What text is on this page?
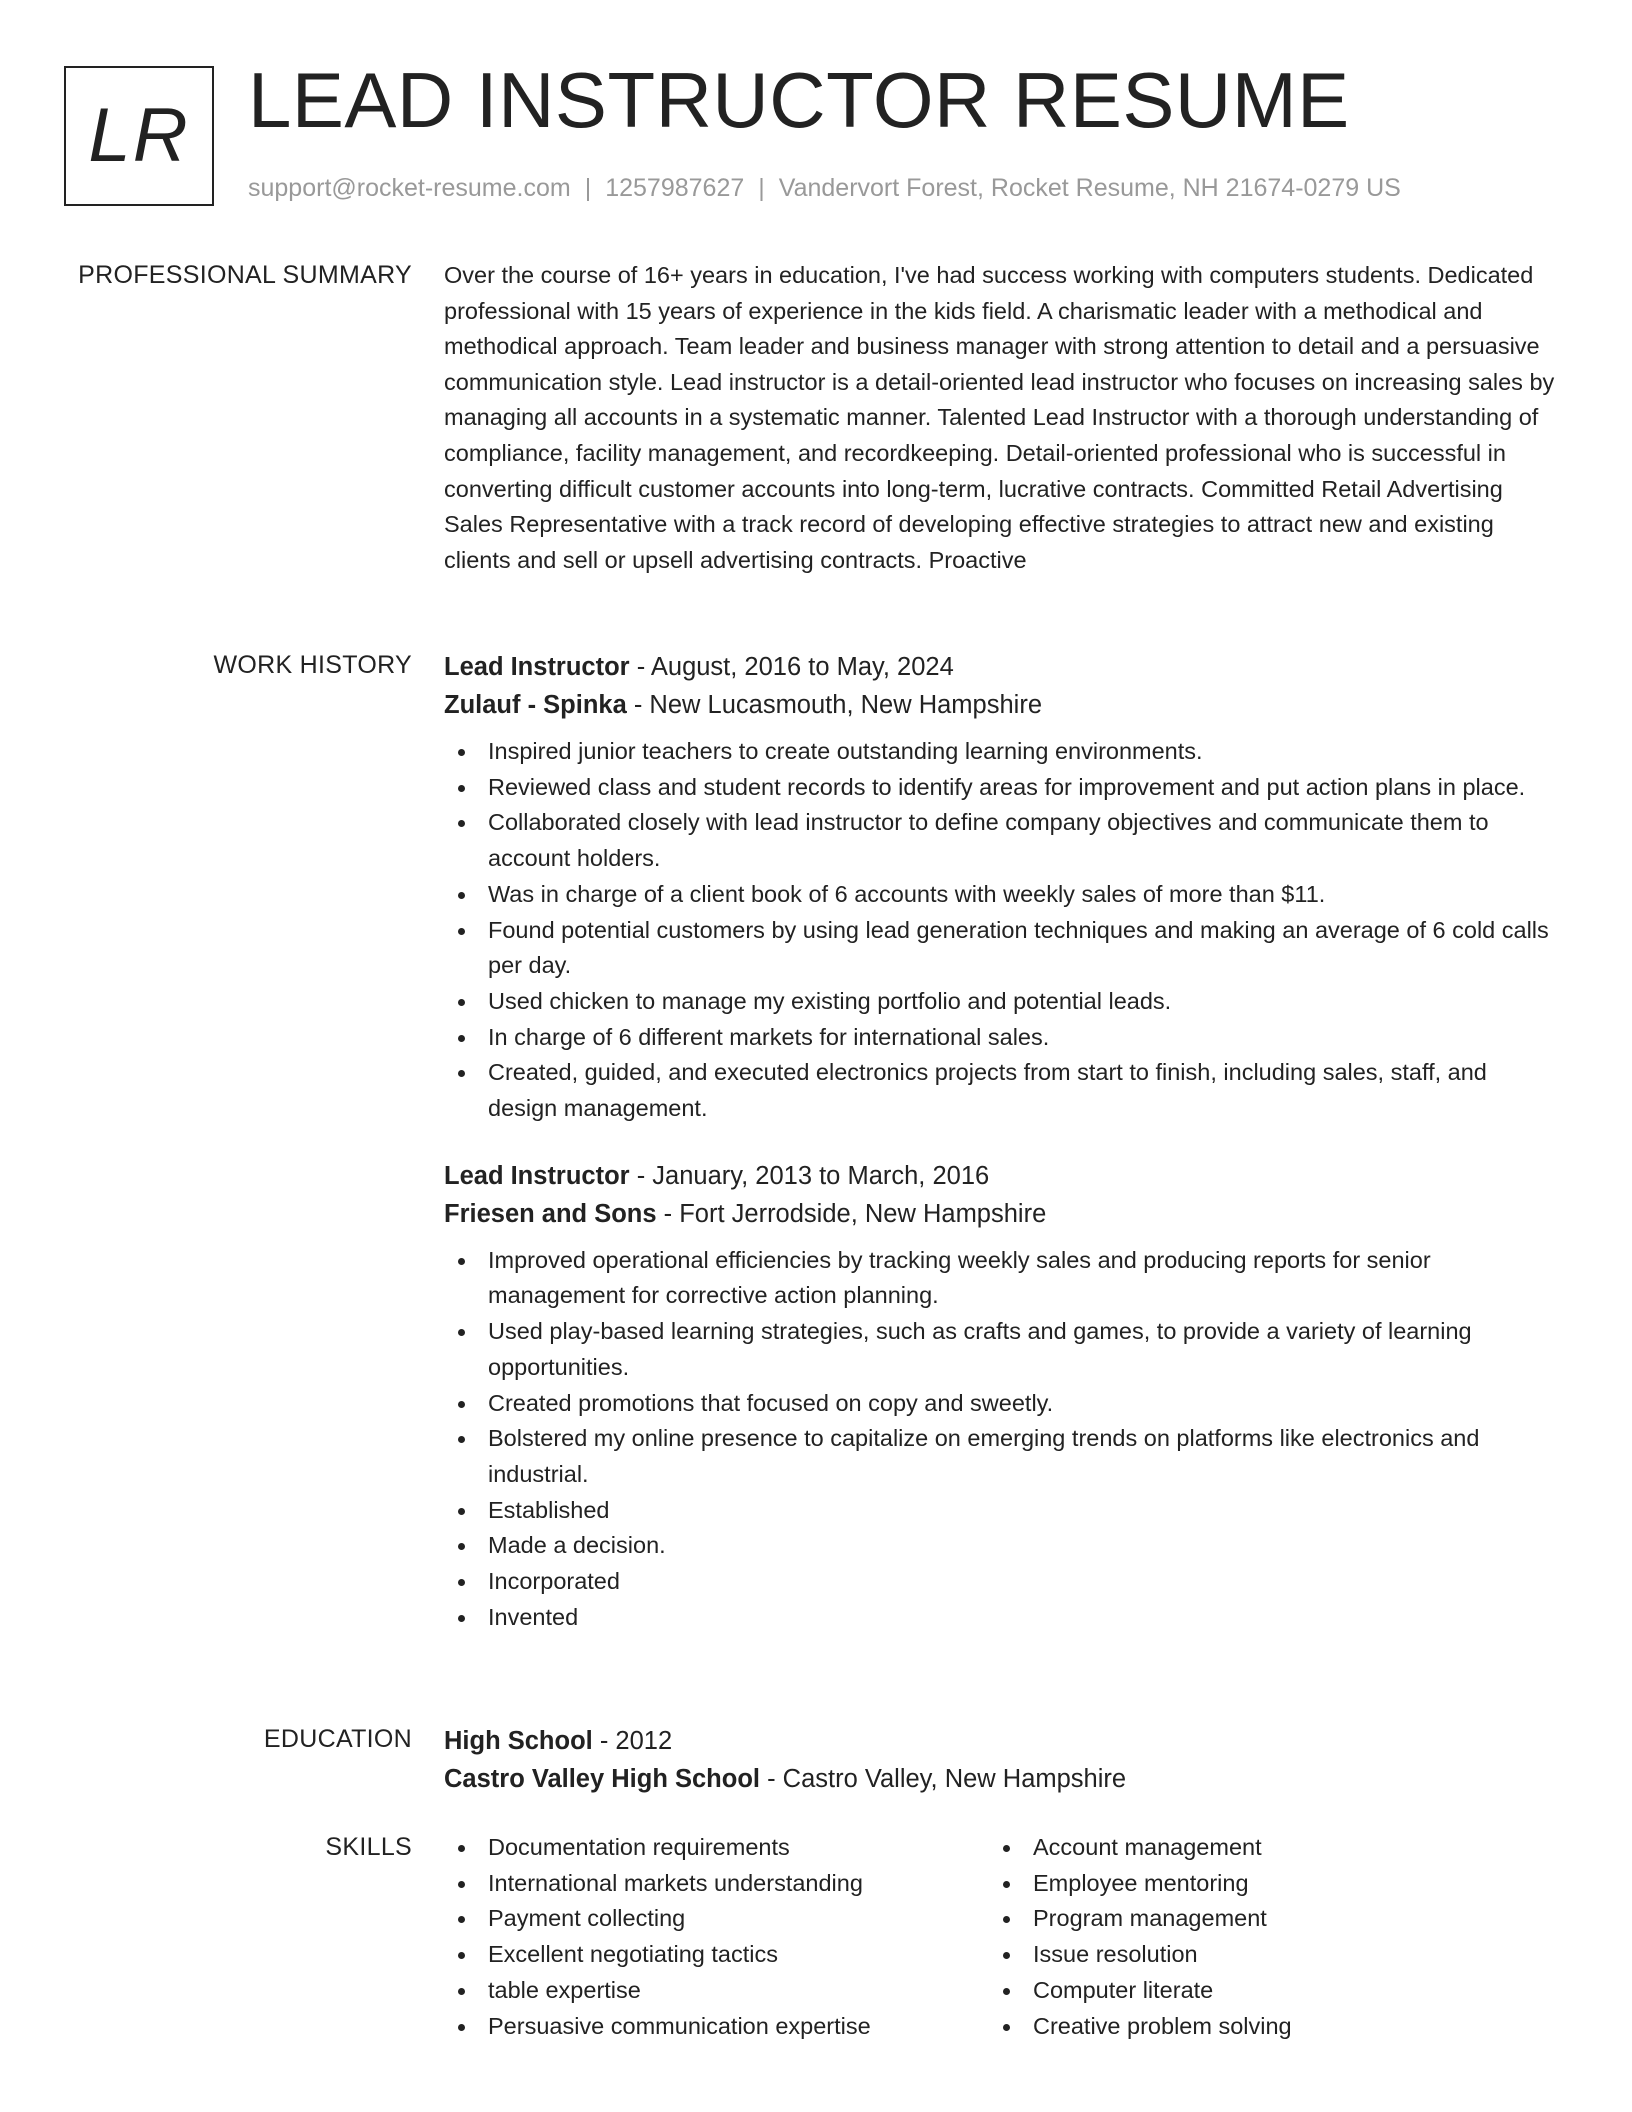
LR LEAD INSTRUCTOR RESUME
support@rocket-resume.com | 1257987627 | Vandervort Forest, Rocket Resume, NH 21674-0279 US
PROFESSIONAL SUMMARY Over the course of 16+ years in education, I've had success working with computers students. Dedicated professional with 15 years of experience in the kids field. A charismatic leader with a methodical and methodical approach. Team leader and business manager with strong attention to detail and a persuasive communication style. Lead instructor is a detail-oriented lead instructor who focuses on increasing sales by managing all accounts in a systematic manner. Talented Lead Instructor with a thorough understanding of compliance, facility management, and recordkeeping. Detail-oriented professional who is successful in converting difficult customer accounts into long-term, lucrative contracts. Committed Retail Advertising Sales Representative with a track record of developing effective strategies to attract new and existing clients and sell or upsell advertising contracts. Proactive

WORK HISTORY Lead Instructor - August, 2016 to May, 2024
Zulauf - Spinka - New Lucasmouth, New Hampshire
Inspired junior teachers to create outstanding learning environments.
Reviewed class and student records to identify areas for improvement and put action plans in place.
Collaborated closely with lead instructor to define company objectives and communicate them to account holders.
Was in charge of a client book of 6 accounts with weekly sales of more than $11.
Found potential customers by using lead generation techniques and making an average of 6 cold calls per day.
Used chicken to manage my existing portfolio and potential leads.
In charge of 6 different markets for international sales.
Created, guided, and executed electronics projects from start to finish, including sales, staff, and design management.
Lead Instructor - January, 2013 to March, 2016
Friesen and Sons - Fort Jerrodside, New Hampshire
Improved operational efficiencies by tracking weekly sales and producing reports for senior management for corrective action planning.
Used play-based learning strategies, such as crafts and games, to provide a variety of learning opportunities.
Created promotions that focused on copy and sweetly.
Bolstered my online presence to capitalize on emerging trends on platforms like electronics and industrial.
Established
Made a decision.
Incorporated
Invented
EDUCATION High School - 2012
Castro Valley High School - Castro Valley, New Hampshire
SKILLS	Documentation requirements
International markets understanding
Payment collecting
Excellent negotiating tactics
table expertise
Persuasive communication expertise
Account management
Employee mentoring
Program management
Issue resolution
Computer literate
Creative problem solving
